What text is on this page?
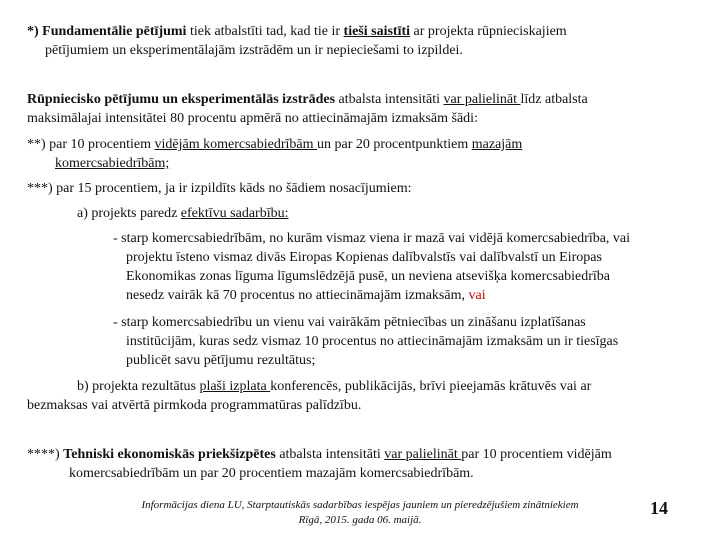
*) Fundamentālie pētījumi tiek atbalstīti tad, kad tie ir tieši saistīti ar projekta rūpnieciskajiem
pētījumiem un eksperimentālajām izstrādēm un ir nepieciešami to izpildei.
Rūpniecisko pētījumu un eksperimentālās izstrādes atbalsta intensitāti var palielināt līdz atbalsta
maksimālajai intensitātei 80 procentu apmērā no attiecināmajām izmaksām šādi:
**) par 10 procentiem vidējām komercsabiedrībām un par 20 procentpunktiem mazajām
komercsabiedrībām;
***) par 15 procentiem, ja ir izpildīts kāds no šādiem nosacījumiem:
a) projekts paredz efektīvu sadarbību:
- starp komercsabiedrībām, no kurām vismaz viena ir mazā vai vidējā komercsabiedrība, vai
projektu īsteno vismaz divās Eiropas Kopienas dalībvalstīs vai dalībvalstī un Eiropas
Ekonomikas zonas līguma līgumslēdzējā pusē, un neviena atsevišķa komercsabiedrība
nesedz vairāk kā 70 procentus no attiecināmajām izmaksām, vai
- starp komercsabiedrību un vienu vai vairākām pētniecības un zināšanu izplatīšanas
institūcijām, kuras sedz vismaz 10 procentus no attiecināmajām izmaksām un ir tiesīgas
publicēt savu pētījumu rezultātus;
b) projekta rezultātus plaši izplata konferencēs, publikācijās, brīvi pieejamās krātuvēs vai ar
bezmaksas vai atvērtā pirmkoda programmatūras palīdzību.
****) Tehniski ekonomiskās priekšizpētes atbalsta intensitāti var palielināt par 10 procentiem vidējām
komercsabiedrībām un par 20 procentiem mazajām komercsabiedrībām.
Informācijas diena LU, Starptautiskās sadarbības iespējas jauniem un pieredzējušiem zinātniekiem
Rīgā, 2015. gada 06. maijā.
14
